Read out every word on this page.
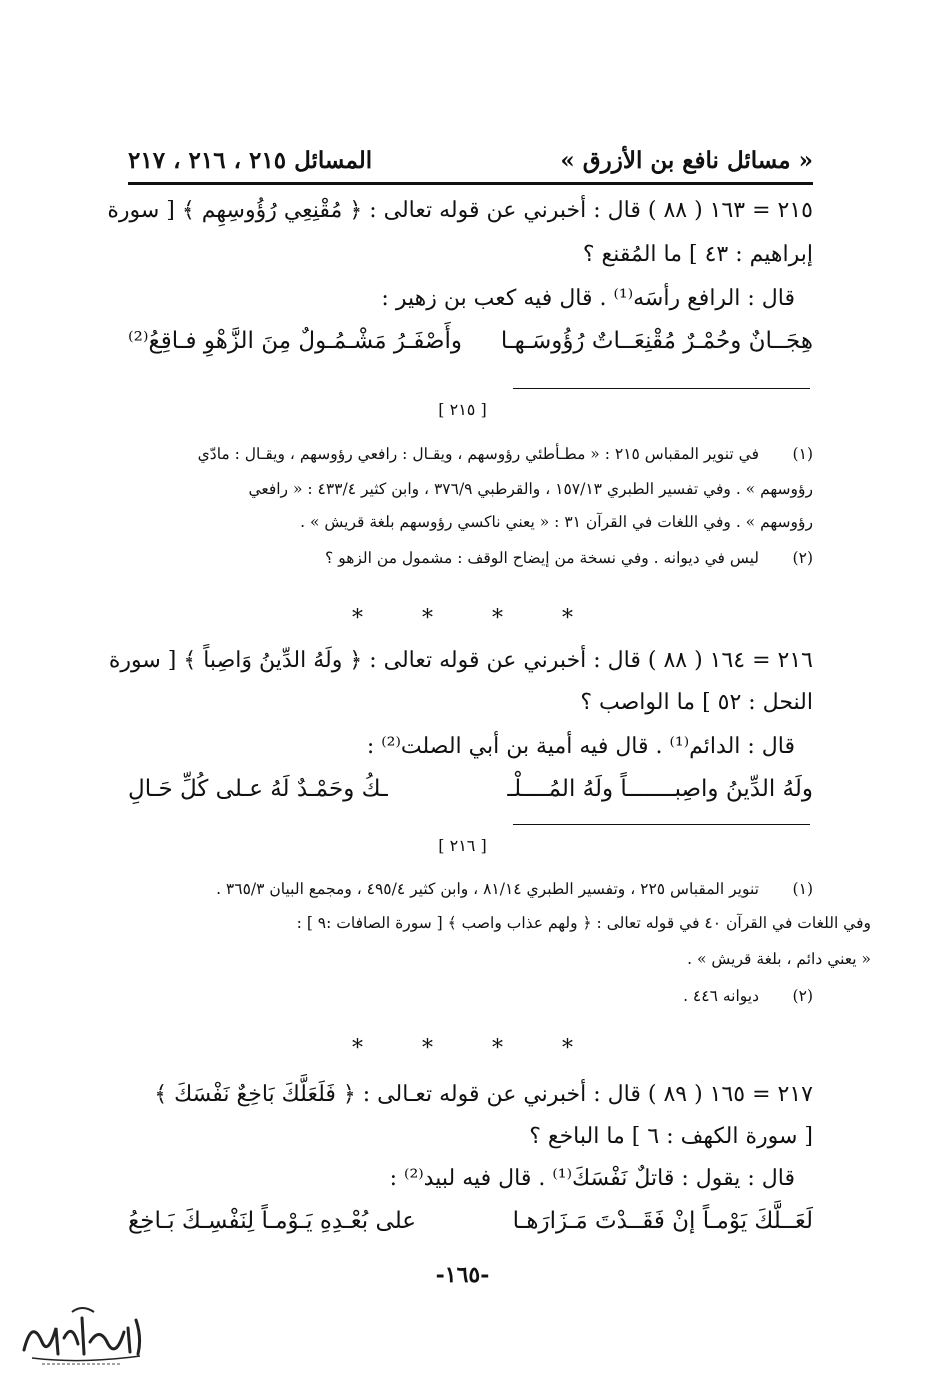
« مسائل نافع بن الأزرق »
المسائل ٢١٥ ، ٢١٦ ، ٢١٧
٢١٥ = ١٦٣ ( ٨٨ ) قال : أخبرني عن قوله تعالى : ﴿ مُقْنِعِي رُؤُوسِهِم ﴾ [ سورة
إبراهيم : ٤٣ ] ما المُقنع ؟
قال : الرافع رأسَه⁽¹⁾ . قال فيه كعب بن زهير :
هِجَــانٌ وحُمْـرٌ مُقْنِعَــاتٌ رُؤُوسَـهـا
وأَصْفَـرُ مَشْـمُـولٌ مِنَ الزَّهْوِ فـاقِعُ⁽²⁾
[ ٢١٥ ]
(١)
في تنوير المقباس ٢١٥ : « مطـأطئي رؤوسهم ، ويقـال : رافعي رؤوسهم ، ويقـال : مادّي
رؤوسهم » . وفي تفسير الطبري ١٥٧/١٣ ، والقرطبي ٣٧٦/٩ ، وابن كثير ٤٣٣/٤ : « رافعي
رؤوسهم » . وفي اللغات في القرآن ٣١ : « يعني ناكسي رؤوسهم بلغة قريش » .
(٢)
ليس في ديوانه . وفي نسخة من إيضاح الوقف : مشمول من الزهو ؟
*	*	*	*
٢١٦ = ١٦٤ ( ٨٨ ) قال : أخبرني عن قوله تعالى : ﴿ ولَهُ الدِّينُ وَاصِباً ﴾ [ سورة
النحل : ٥٢ ] ما الواصب ؟
قال : الدائم⁽¹⁾ . قال فيه أمية بن أبي الصلت⁽²⁾ :
ولَهُ الدِّينُ واصِبـــــــاً ولَهُ المُــــلْـ
ـكُ وحَمْـدٌ لَهُ عـلى كُلِّ حَـالِ
[ ٢١٦ ]
(١)
تنوير المقباس ٢٢٥ ، وتفسير الطبري ٨١/١٤ ، وابن كثير ٤٩٥/٤ ، ومجمع البيان ٣٦٥/٣ .
وفي اللغات في القرآن ٤٠ في قوله تعالى : ﴿ ولهم عذاب واصب ﴾ [ سورة الصافات :٩ ] :
« يعني دائم ، بلغة قريش » .
(٢)
ديوانه ٤٤٦ .
*	*	*	*
٢١٧ = ١٦٥ ( ٨٩ ) قال : أخبرني عن قوله تعـالى : ﴿ فَلَعَلَّكَ بَاخِعٌ نَفْسَكَ ﴾
[ سورة الكهف : ٦ ] ما الباخع ؟
قال : يقول : قاتلٌ نَفْسَكَ⁽¹⁾ . قال فيه لبيد⁽²⁾ :
لَعَــلَّكَ يَوْمـاً إنْ فَقَــدْتَ مَـزَارَهـا
على بُعْـدِهِ يَـوْمـاً لِنَفْسِـكَ بَـاخِعُ
-١٦٥-
